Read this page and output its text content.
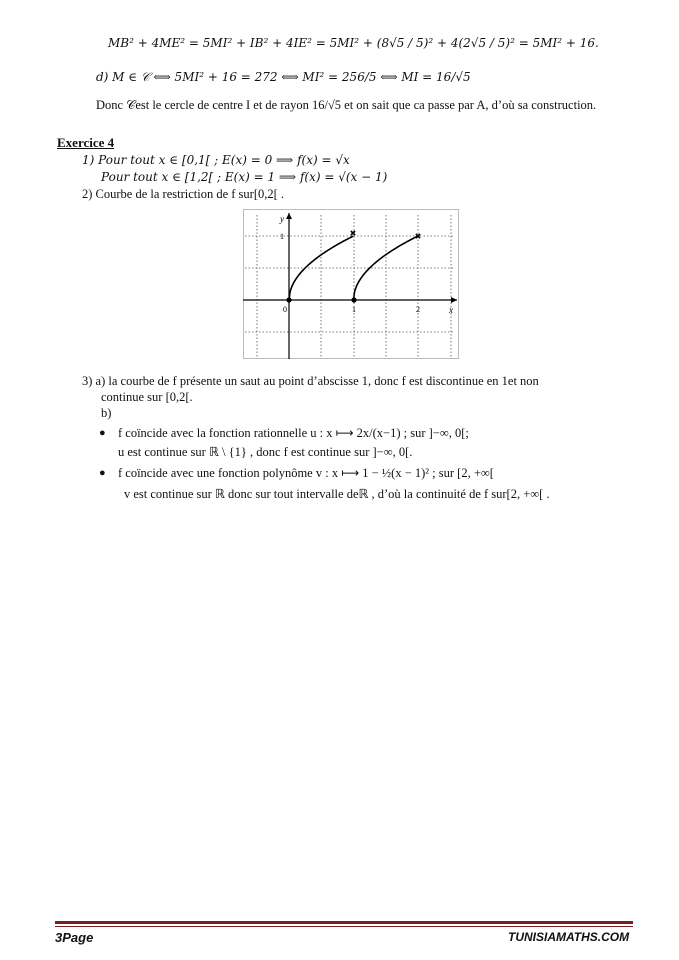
MB² + 4ME² = 5MI² + IB² + 4IE² = 5MI² + (8√5 / 5)² + 4(2√5 / 5)² = 5MI² + 16.
d) M ∈ 𝒞 ⟺ 5MI² + 16 = 272 ⟺ MI² = 256/5 ⟺ MI = 16/√5
Donc 𝒞est le cercle de centre I et de rayon 16/√5 et on sait que ca passe par A, d’où sa construction.
Exercice 4
1) Pour tout x ∈ [0,1[ ; E(x) = 0 ⟹ f(x) = √x
Pour tout x ∈ [1,2[ ; E(x) = 1 ⟹ f(x) = √(x − 1)
2) Courbe de la restriction de f sur[0,2[ .
✖	✖
y
x
0	1	2
1
3) a) la courbe de f présente un saut au point d’abscisse 1, donc f est discontinue en 1et non
continue sur [0,2[.
b)
● f coïncide avec la fonction rationnelle u : x ⟼ 2x/(x−1) ; sur ]−∞, 0[;
u est continue sur ℝ \ {1} , donc f est continue sur ]−∞, 0[.
● f coïncide avec une fonction polynôme v : x ⟼ 1 − ½(x − 1)² ; sur [2, +∞[
v est continue sur ℝ donc sur tout intervalle deℝ , d’où la continuité de f sur[2, +∞[ .
3Page	TUNISIAMATHS.COM
